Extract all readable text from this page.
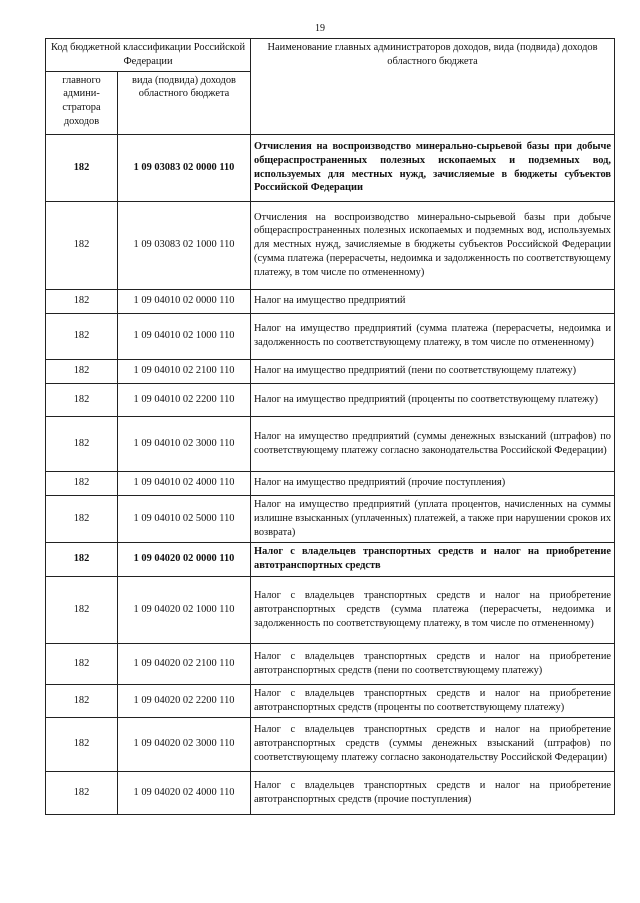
19
Код бюджетной классификации Российской Федерации		Наименование главных администраторов доходов, вида (подвида) доходов областного бюджета
главного админи-стратора доходов	вида (подвида) доходов областного бюджета	
182	1 09 03083 02 0000 110	Отчисления на воспроизводство минерально-сырьевой базы при добыче общераспространенных полезных ископаемых и подземных вод, используемых для местных нужд, зачисляемые в бюджеты субъектов Российской Федерации
182	1 09 03083 02 1000 110	Отчисления на воспроизводство минерально-сырьевой базы при добыче общераспространенных полезных ископаемых и подземных вод, используемых для местных нужд, зачисляемые в бюджеты субъектов Российской Федерации (сумма платежа (перерасчеты, недоимка и задолженность по соответствующему платежу, в том числе по отмененному)
182	1 09 04010 02 0000 110	Налог на имущество предприятий
182	1 09 04010 02 1000 110	Налог на имущество предприятий (сумма платежа (перерасчеты, недоимка и задолженность по соответствующему платежу, в том числе по отмененному)
182	1 09 04010 02 2100 110	Налог на имущество предприятий (пени по соответствующему платежу)
182	1 09 04010 02 2200 110	Налог на имущество предприятий (проценты по соответствующему платежу)
182	1 09 04010 02 3000 110	Налог на имущество предприятий (суммы денежных взысканий (штрафов) по соответствующему платежу согласно законодательства Российской Федерации)
182	1 09 04010 02 4000 110	Налог на имущество предприятий (прочие поступления)
182	1 09 04010 02 5000 110	Налог на имущество предприятий (уплата процентов, начисленных на суммы излишне взысканных (уплаченных) платежей, а также при нарушении сроков их возврата)
182	1 09 04020 02 0000 110	Налог с владельцев транспортных средств и налог на приобретение автотранспортных средств
182	1 09 04020 02 1000 110	Налог с владельцев транспортных средств и налог на приобретение автотранспортных средств (сумма платежа (перерасчеты, недоимка и задолженность по соответствующему платежу, в том числе по отмененному)
182	1 09 04020 02 2100 110	Налог с владельцев транспортных средств и налог на приобретение автотранспортных средств (пени по соответствующему платежу)
182	1 09 04020 02 2200 110	Налог с владельцев транспортных средств и налог на приобретение автотранспортных средств (проценты по соответствующему платежу)
182	1 09 04020 02 3000 110	Налог с владельцев транспортных средств и налог на приобретение автотранспортных средств (суммы денежных взысканий (штрафов) по соответствующему платежу согласно законодательству Российской Федерации)
182	1 09 04020 02 4000 110	Налог с владельцев транспортных средств и налог на приобретение автотранспортных средств (прочие поступления)
